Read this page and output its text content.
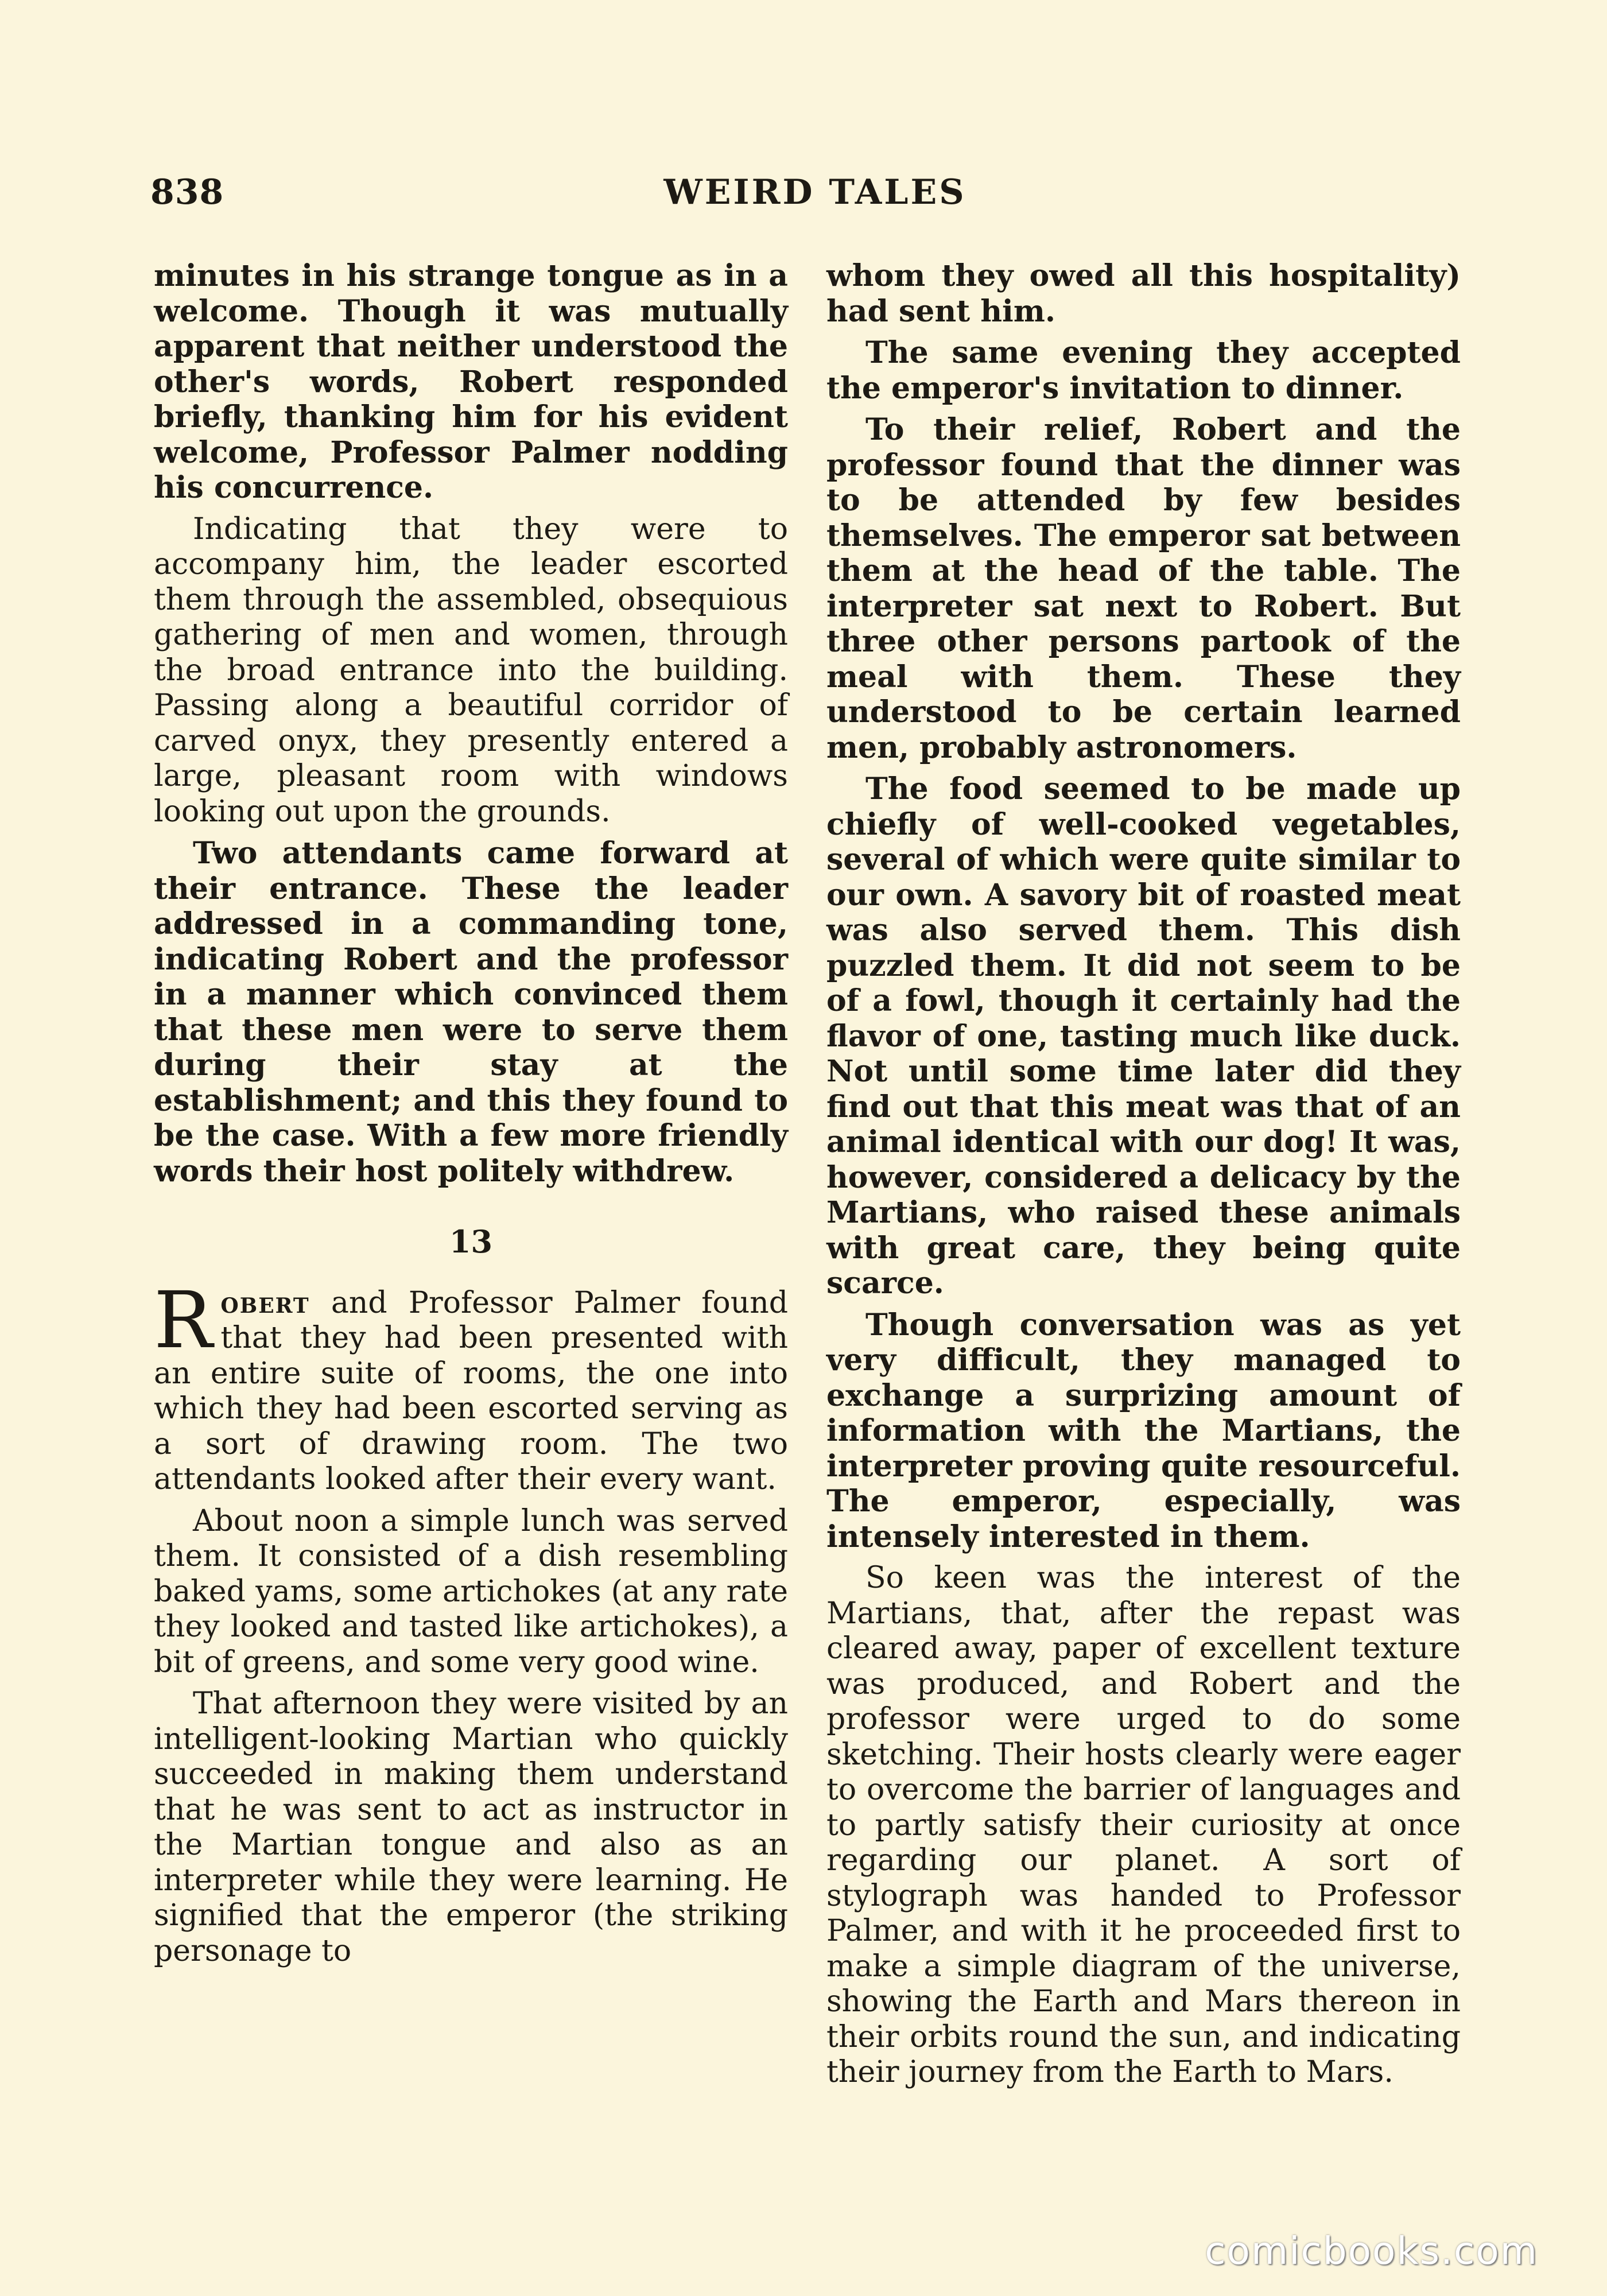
838	WEIRD TALES

minutes in his strange tongue as in a welcome. Though it was mutually apparent that neither understood the other's words, Robert responded briefly, thanking him for his evident welcome, Professor Palmer nodding his concurrence.

Indicating that they were to accompany him, the leader escorted them through the assembled, obsequious gathering of men and women, through the broad entrance into the building. Passing along a beautiful corridor of carved onyx, they presently entered a large, pleasant room with windows looking out upon the grounds.

Two attendants came forward at their entrance. These the leader addressed in a commanding tone, indicating Robert and the professor in a manner which convinced them that these men were to serve them during their stay at the establishment; and this they found to be the case. With a few more friendly words their host politely withdrew.

13

Robert and Professor Palmer found that they had been presented with an entire suite of rooms, the one into which they had been escorted serving as a sort of drawing room. The two attendants looked after their every want.

About noon a simple lunch was served them. It consisted of a dish resembling baked yams, some artichokes (at any rate they looked and tasted like artichokes), a bit of greens, and some very good wine.

That afternoon they were visited by an intelligent-looking Martian who quickly succeeded in making them understand that he was sent to act as instructor in the Martian tongue and also as an interpreter while they were learning. He signified that the emperor (the striking personage to

whom they owed all this hospitality) had sent him.

The same evening they accepted the emperor's invitation to dinner.

To their relief, Robert and the professor found that the dinner was to be attended by few besides themselves. The emperor sat between them at the head of the table. The interpreter sat next to Robert. But three other persons partook of the meal with them. These they understood to be certain learned men, probably astronomers.

The food seemed to be made up chiefly of well-cooked vegetables, several of which were quite similar to our own. A savory bit of roasted meat was also served them. This dish puzzled them. It did not seem to be of a fowl, though it certainly had the flavor of one, tasting much like duck. Not until some time later did they find out that this meat was that of an animal identical with our dog! It was, however, considered a delicacy by the Martians, who raised these animals with great care, they being quite scarce.

Though conversation was as yet very difficult, they managed to exchange a surprizing amount of information with the Martians, the interpreter proving quite resourceful. The emperor, especially, was intensely interested in them.

So keen was the interest of the Martians, that, after the repast was cleared away, paper of excellent texture was produced, and Robert and the professor were urged to do some sketching. Their hosts clearly were eager to overcome the barrier of languages and to partly satisfy their curiosity at once regarding our planet. A sort of stylograph was handed to Professor Palmer, and with it he proceeded first to make a simple diagram of the universe, showing the Earth and Mars thereon in their orbits round the sun, and indicating their journey from the Earth to Mars.

comicbooks.com
